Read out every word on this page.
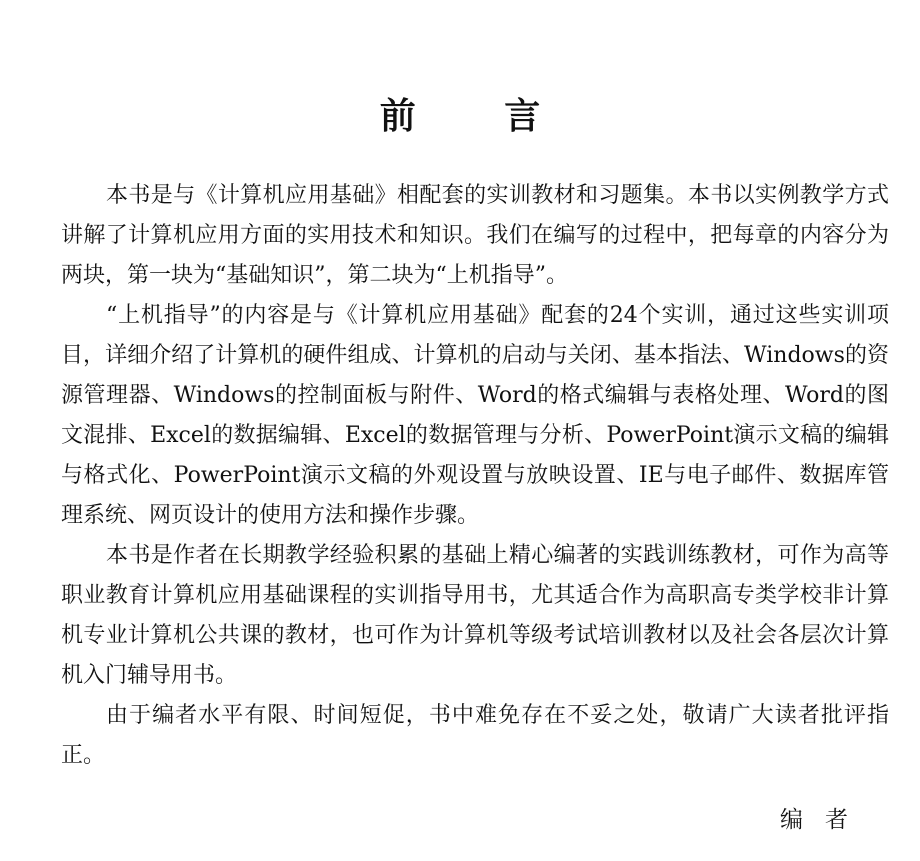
前 言

本书是与《计算机应用基础》相配套的实训教材和习题集。本书以实例教学方式讲解了计算机应用方面的实用技术和知识。我们在编写的过程中，把每章的内容分为两块，第一块为“基础知识”，第二块为“上机指导”。

“上机指导”的内容是与《计算机应用基础》配套的24个实训，通过这些实训项目，详细介绍了计算机的硬件组成、计算机的启动与关闭、基本指法、Windows的资源管理器、Windows的控制面板与附件、Word的格式编辑与表格处理、Word的图文混排、Excel的数据编辑、Excel的数据管理与分析、PowerPoint演示文稿的编辑与格式化、PowerPoint演示文稿的外观设置与放映设置、IE与电子邮件、数据库管理系统、网页设计的使用方法和操作步骤。

本书是作者在长期教学经验积累的基础上精心编著的实践训练教材，可作为高等职业教育计算机应用基础课程的实训指导用书，尤其适合作为高职高专类学校非计算机专业计算机公共课的教材，也可作为计算机等级考试培训教材以及社会各层次计算机入门辅导用书。

由于编者水平有限、时间短促，书中难免存在不妥之处，敬请广大读者批评指正。

编者
